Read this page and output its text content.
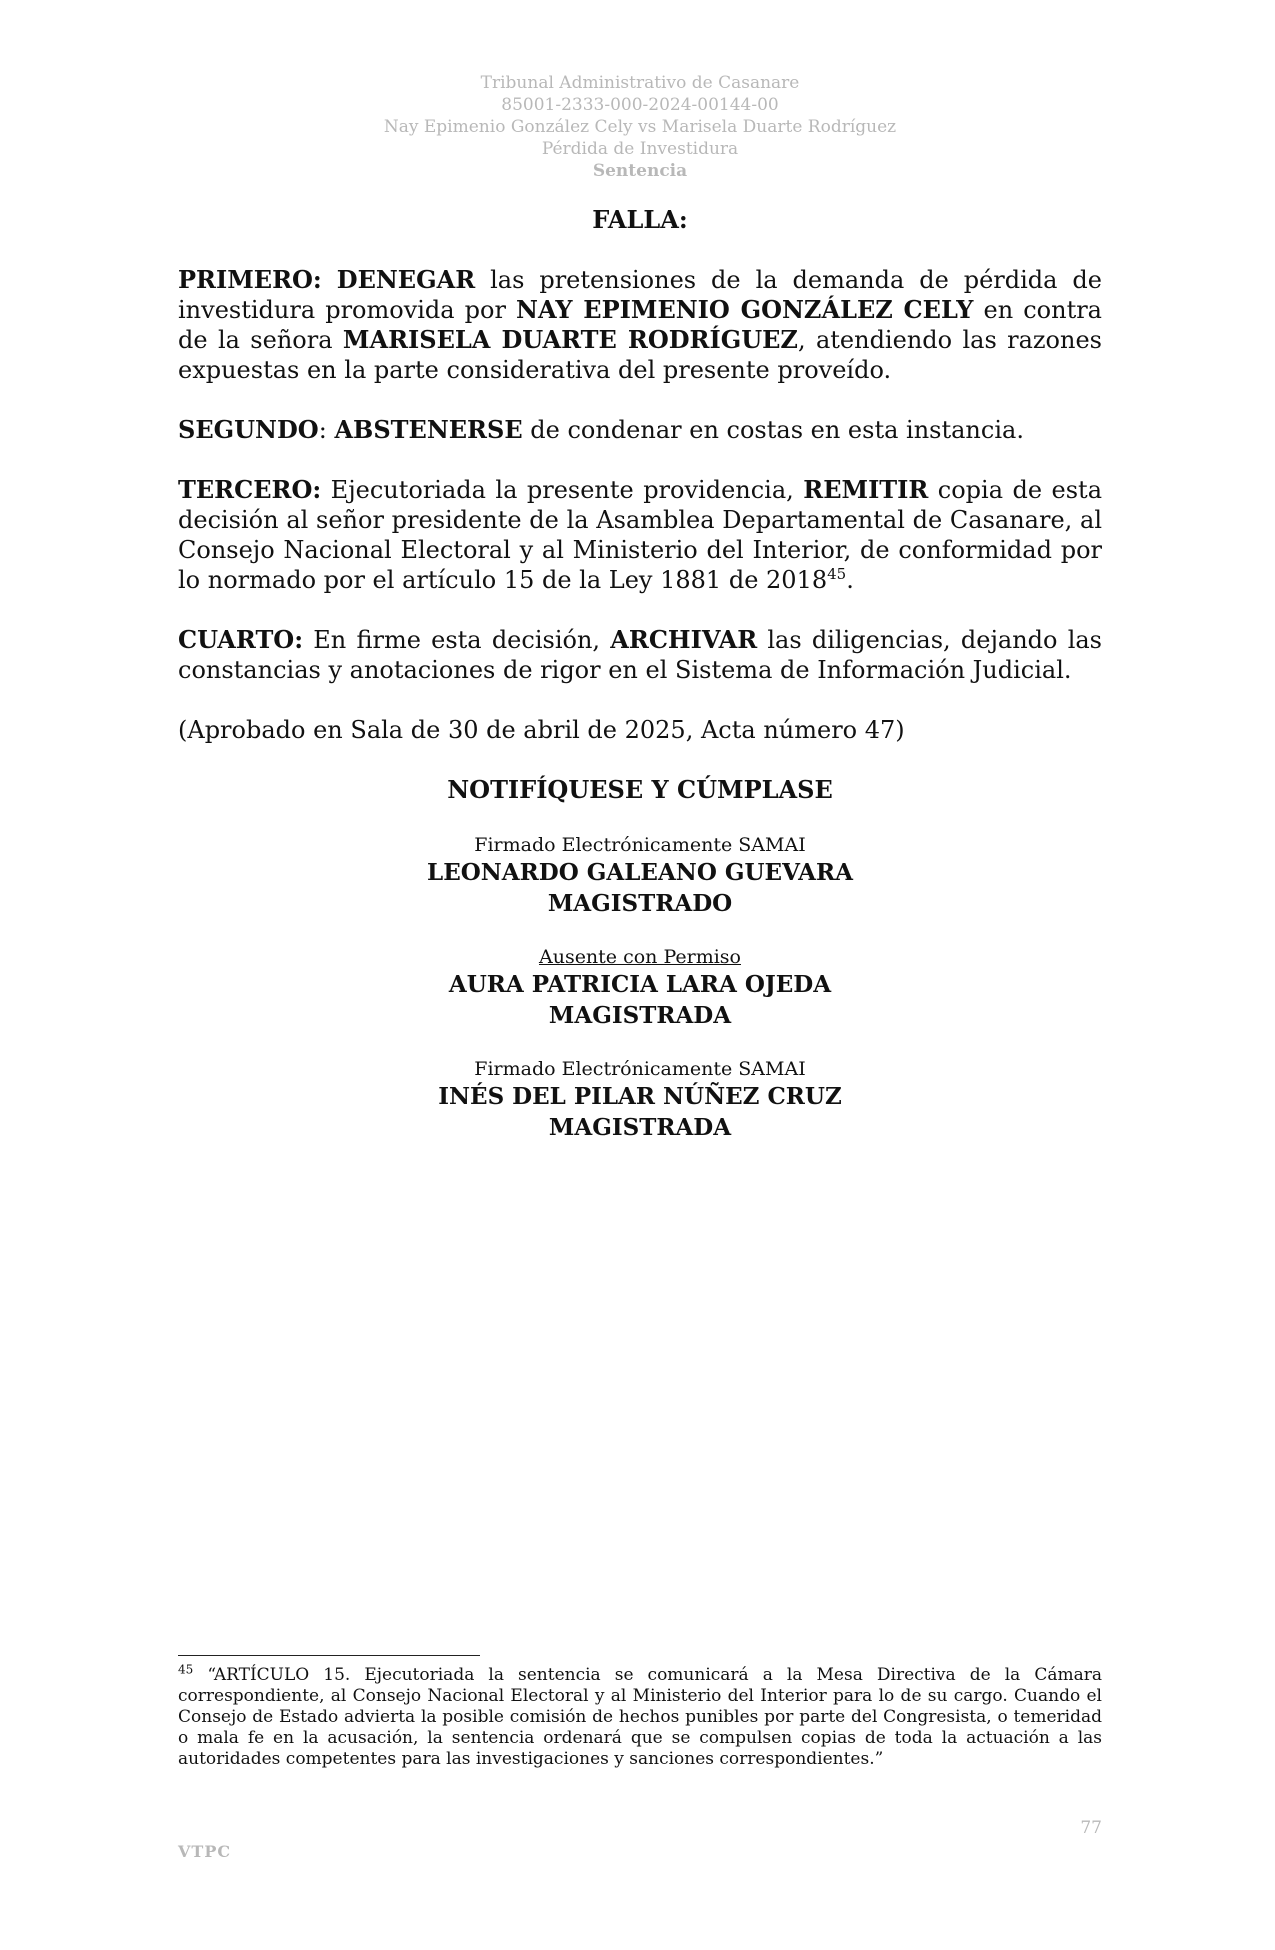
Tribunal Administrativo de Casanare
85001-2333-000-2024-00144-00
Nay Epimenio González Cely vs Marisela Duarte Rodríguez
Pérdida de Investidura
Sentencia
FALLA:

PRIMERO: DENEGAR las pretensiones de la demanda de pérdida de investidura promovida por NAY EPIMENIO GONZÁLEZ CELY en contra de la señora MARISELA DUARTE RODRÍGUEZ, atendiendo las razones expuestas en la parte considerativa del presente proveído.

SEGUNDO: ABSTENERSE de condenar en costas en esta instancia.

TERCERO: Ejecutoriada la presente providencia, REMITIR copia de esta decisión al señor presidente de la Asamblea Departamental de Casanare, al Consejo Nacional Electoral y al Ministerio del Interior, de conformidad por lo normado por el artículo 15 de la Ley 1881 de 2018$^{45}$.

CUARTO: En firme esta decisión, ARCHIVAR las diligencias, dejando las constancias y anotaciones de rigor en el Sistema de Información Judicial.

(Aprobado en Sala de 30 de abril de 2025, Acta número 47)

NOTIFÍQUESE Y CÚMPLASE
Firmado Electrónicamente SAMAI
LEONARDO GALEANO GUEVARA
MAGISTRADO
Ausente con Permiso
AURA PATRICIA LARA OJEDA
MAGISTRADA
Firmado Electrónicamente SAMAI
INÉS DEL PILAR NÚÑEZ CRUZ
MAGISTRADA
$^{45}$ “ARTÍCULO 15. Ejecutoriada la sentencia se comunicará a la Mesa Directiva de la Cámara correspondiente, al Consejo Nacional Electoral y al Ministerio del Interior para lo de su cargo. Cuando el Consejo de Estado advierta la posible comisión de hechos punibles por parte del Congresista, o temeridad o mala fe en la acusación, la sentencia ordenará que se compulsen copias de toda la actuación a las autoridades competentes para las investigaciones y sanciones correspondientes.”
77
VTPC
